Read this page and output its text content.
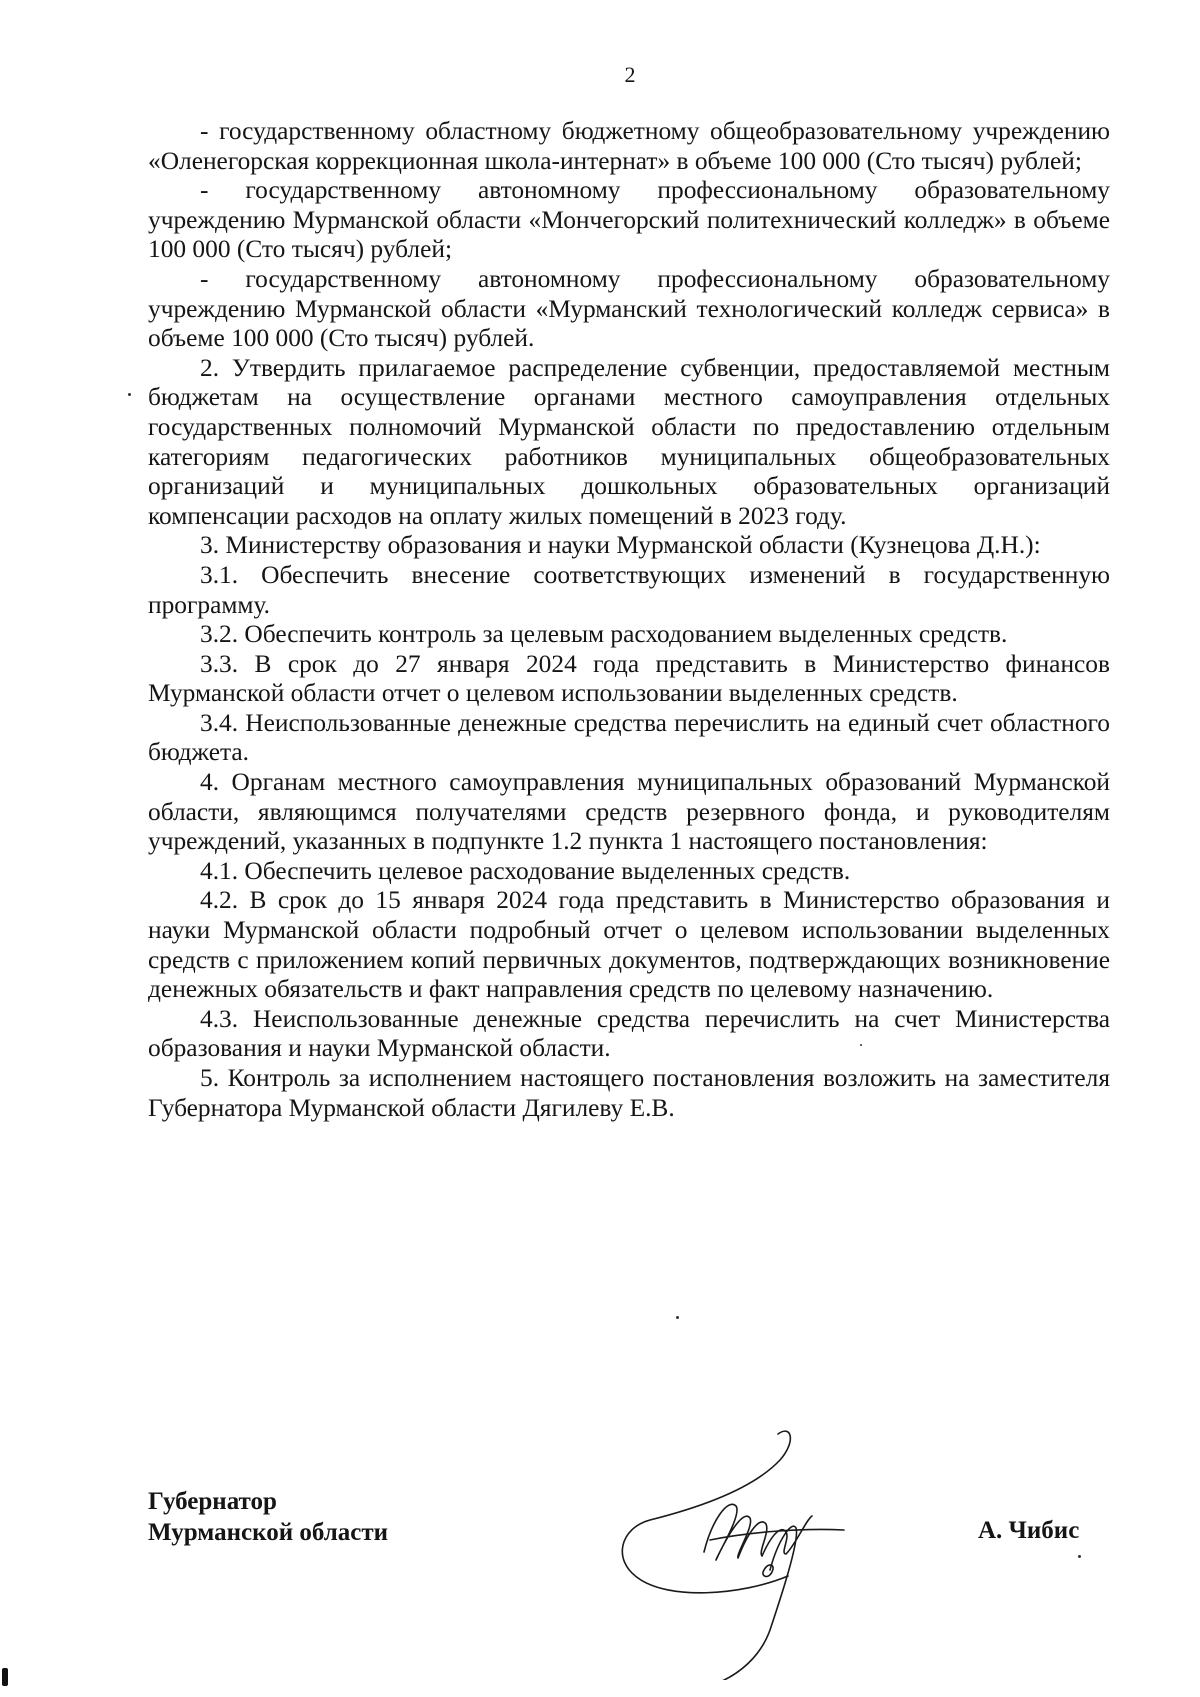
2

- государственному областному бюджетному общеобразовательному учреждению «Оленегорская коррекционная школа-интернат» в объеме 100 000 (Сто тысяч) рублей;

- государственному автономному профессиональному образовательному учреждению Мурманской области «Мончегорский политехнический колледж» в объеме 100 000 (Сто тысяч) рублей;

- государственному автономному профессиональному образовательному учреждению Мурманской области «Мурманский технологический колледж сервиса» в объеме 100 000 (Сто тысяч) рублей.

2. Утвердить прилагаемое распределение субвенции, предоставляемой местным бюджетам на осуществление органами местного самоуправления отдельных государственных полномочий Мурманской области по предоставлению отдельным категориям педагогических работников муниципальных общеобразовательных организаций и муниципальных дошкольных образовательных организаций компенсации расходов на оплату жилых помещений в 2023 году.

3. Министерству образования и науки Мурманской области (Кузнецова Д.Н.):

3.1. Обеспечить внесение соответствующих изменений в государственную программу.

3.2. Обеспечить контроль за целевым расходованием выделенных средств.

3.3. В срок до 27 января 2024 года представить в Министерство финансов Мурманской области отчет о целевом использовании выделенных средств.

3.4. Неиспользованные денежные средства перечислить на единый счет областного бюджета.

4. Органам местного самоуправления муниципальных образований Мурманской области, являющимся получателями средств резервного фонда, и руководителям учреждений, указанных в подпункте 1.2 пункта 1 настоящего постановления:

4.1. Обеспечить целевое расходование выделенных средств.

4.2. В срок до 15 января 2024 года представить в Министерство образования и науки Мурманской области подробный отчет о целевом использовании выделенных средств с приложением копий первичных документов, подтверждающих возникновение денежных обязательств и факт направления средств по целевому назначению.

4.3. Неиспользованные денежные средства перечислить на счет Министерства образования и науки Мурманской области.

5. Контроль за исполнением настоящего постановления возложить на заместителя Губернатора Мурманской области Дягилеву Е.В.

Губернатор
Мурманской области	А. Чибис
